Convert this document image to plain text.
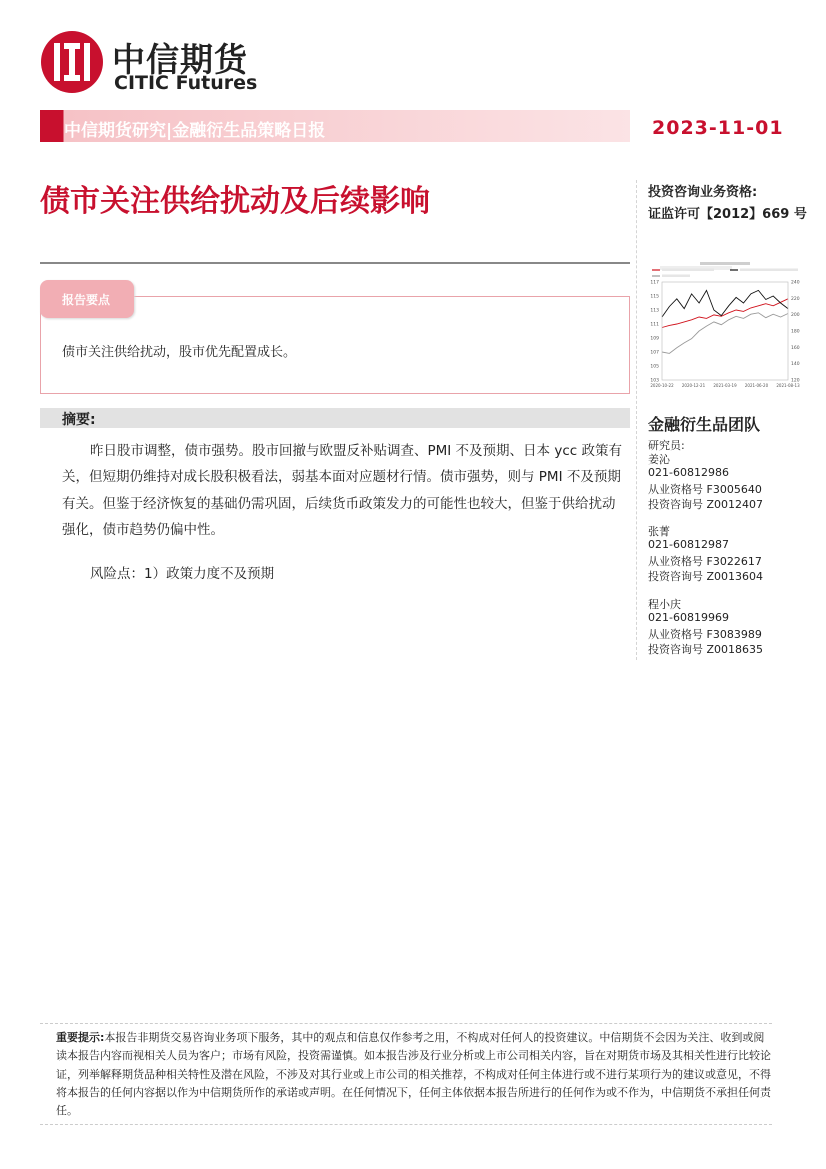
中信期货
CITIC Futures
中信期货研究|金融衍生品策略日报	2023-11-01
债市关注供给扰动及后续影响	投资咨询业务资格:
证监许可【2012】669 号
报告要点
债市关注供给扰动，股市优先配置成长。
摘要:
昨日股市调整，债市强势。股市回撤与欧盟反补贴调查、PMI 不及预期、日本 ycc 政策有关，但短期仍维持对成长股积极看法，弱基本面对应题材行情。债市强势，则与 PMI 不及预期有关。但鉴于经济恢复的基础仍需巩固，后续货币政策发力的可能性也较大，但鉴于供给扰动强化，债市趋势仍偏中性。
风险点：1）政策力度不及预期
103
105
107
109
111
113
115
117
120
140
160
180
200
220
240
2020-10-22 2020-12-21 2021-03-19 2021-06-20 2021-08-13
金融衍生品团队
研究员:
姜沁
021-60812986
从业资格号 F3005640
投资咨询号 Z0012407
张菁
021-60812987
从业资格号 F3022617
投资咨询号 Z0013604
程小庆
021-60819969
从业资格号 F3083989
投资咨询号 Z0018635
重要提示:本报告非期货交易咨询业务项下服务，其中的观点和信息仅作参考之用，不构成对任何人的投资建议。中信期货不会因为关注、收到或阅读本报告内容而视相关人员为客户；市场有风险，投资需谨慎。如本报告涉及行业分析或上市公司相关内容，旨在对期货市场及其相关性进行比较论证，列举解释期货品种相关特性及潜在风险，不涉及对其行业或上市公司的相关推荐，不构成对任何主体进行或不进行某项行为的建议或意见，不得将本报告的任何内容据以作为中信期货所作的承诺或声明。在任何情况下，任何主体依据本报告所进行的任何作为或不作为，中信期货不承担任何责任。
